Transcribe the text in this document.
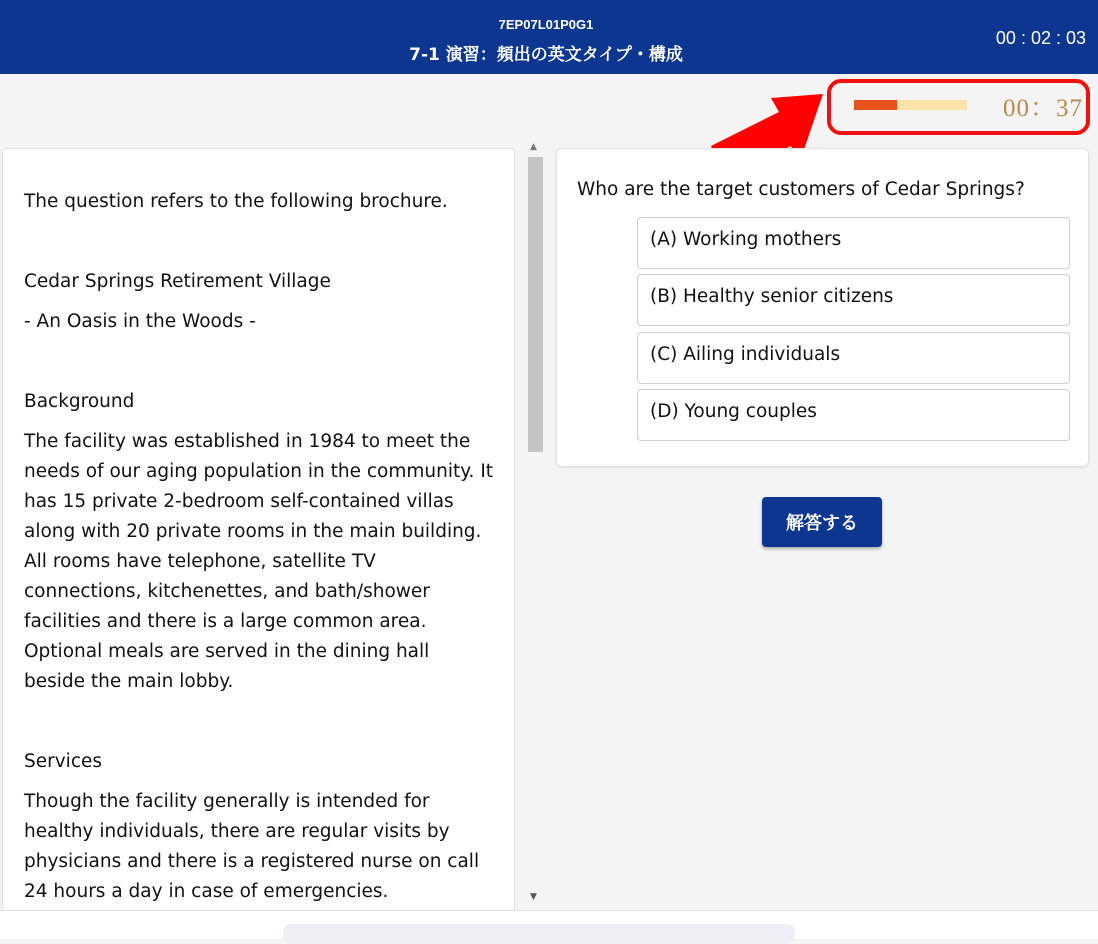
7EP07L01P0G1
7-1 演習：頻出の英文タイプ・構成
00 : 02 : 03
00：37

The question refers to the following brochure.

Cedar Springs Retirement Village

- An Oasis in the Woods -

Background

The facility was established in 1984 to meet the needs of our aging population in the community. It has 15 private 2-bedroom self-contained villas along with 20 private rooms in the main building. All rooms have telephone, satellite TV connections, kitchenettes, and bath/shower facilities and there is a large common area. Optional meals are served in the dining hall beside the main lobby.

Services

Though the facility generally is intended for healthy individuals, there are regular visits by physicians and there is a registered nurse on call 24 hours a day in case of emergencies.

▲
▼
Who are the target customers of Cedar Springs?
(A) Working mothers
(B) Healthy senior citizens
(C) Ailing individuals
(D) Young couples
解答する
